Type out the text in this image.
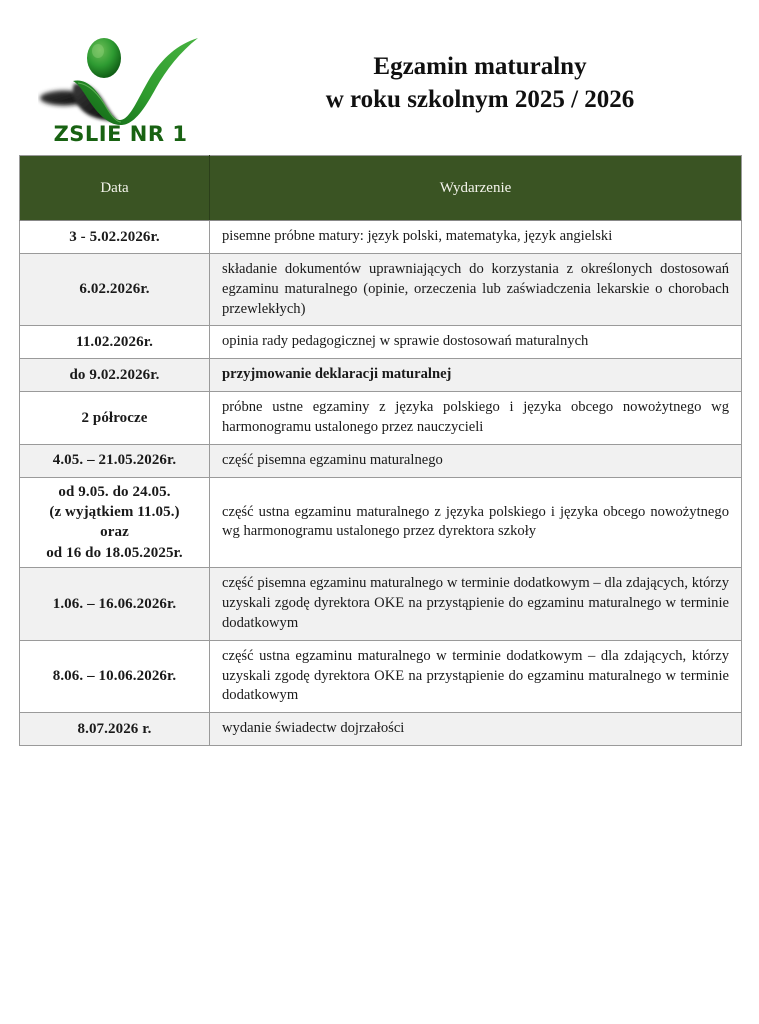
ZSLIE NR 1
Egzamin maturalny
w roku szkolnym 2025 / 2026
Data	Wydarzenie

3 - 5.02.2026r.	pisemne próbne matury: język polski, matematyka, język angielski

6.02.2026r.	składanie dokumentów uprawniających do korzystania z określonych dostosowań egzaminu maturalnego (opinie, orzeczenia lub zaświadczenia lekarskie o chorobach przewlekłych)

11.02.2026r.	opinia rady pedagogicznej w sprawie dostosowań maturalnych

do 9.02.2026r.	przyjmowanie deklaracji maturalnej

2 półrocze	próbne ustne egzaminy z języka polskiego i języka obcego nowożytnego wg harmonogramu ustalonego przez nauczycieli

4.05. – 21.05.2026r.	część pisemna egzaminu maturalnego

od 9.05. do 24.05.
(z wyjątkiem 11.05.)
oraz
od 16 do 18.05.2025r.	część ustna egzaminu maturalnego z języka polskiego i języka obcego nowożytnego wg harmonogramu ustalonego przez dyrektora szkoły

1.06. – 16.06.2026r.	część pisemna egzaminu maturalnego w terminie dodatkowym – dla zdających, którzy uzyskali zgodę dyrektora OKE na przystąpienie do egzaminu maturalnego w terminie dodatkowym

8.06. – 10.06.2026r.	część ustna egzaminu maturalnego w terminie dodatkowym – dla zdających, którzy uzyskali zgodę dyrektora OKE na przystąpienie do egzaminu maturalnego w terminie dodatkowym

8.07.2026 r.	wydanie świadectw dojrzałości
